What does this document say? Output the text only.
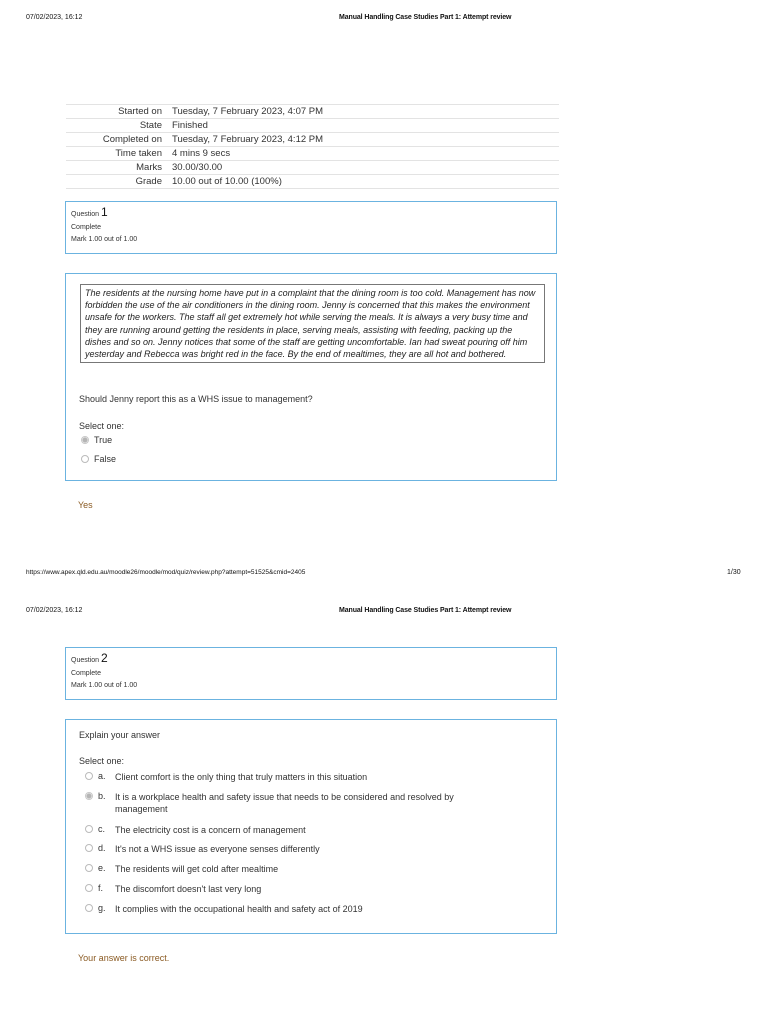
07/02/2023, 16:12	Manual Handling Case Studies Part 1: Attempt review
Started on	Tuesday, 7 February 2023, 4:07 PM
State	Finished
Completed on	Tuesday, 7 February 2023, 4:12 PM
Time taken	4 mins 9 secs
Marks	30.00/30.00
Grade	10.00 out of 10.00 (100%)
Question 1
Complete
Mark 1.00 out of 1.00
The residents at the nursing home have put in a complaint that the dining room is too cold. Management has now forbidden the use of the air conditioners in the dining room. Jenny is concerned that this makes the environment unsafe for the workers. The staff all get extremely hot while serving the meals. It is always a very busy time and they are running around getting the residents in place, serving meals, assisting with feeding, packing up the dishes and so on. Jenny notices that some of the staff are getting uncomfortable. Ian had sweat pouring off him yesterday and Rebecca was bright red in the face. By the end of mealtimes, they are all hot and bothered.
Should Jenny report this as a WHS issue to management?
Select one:
True
False
Yes
https://www.apex.qld.edu.au/moodle26/moodle/mod/quiz/review.php?attempt=51525&cmid=2405	1/30
07/02/2023, 16:12	Manual Handling Case Studies Part 1: Attempt review
Question 2
Complete
Mark 1.00 out of 1.00
Explain your answer
Select one:
a.	Client comfort is the only thing that truly matters in this situation
b.	It is a workplace health and safety issue that needs to be considered and resolved by management
c.	The electricity cost is a concern of management
d.	It's not a WHS issue as everyone senses differently
e.	The residents will get cold after mealtime
f.	The discomfort doesn't last very long
g.	It complies with the occupational health and safety act of 2019
Your answer is correct.
